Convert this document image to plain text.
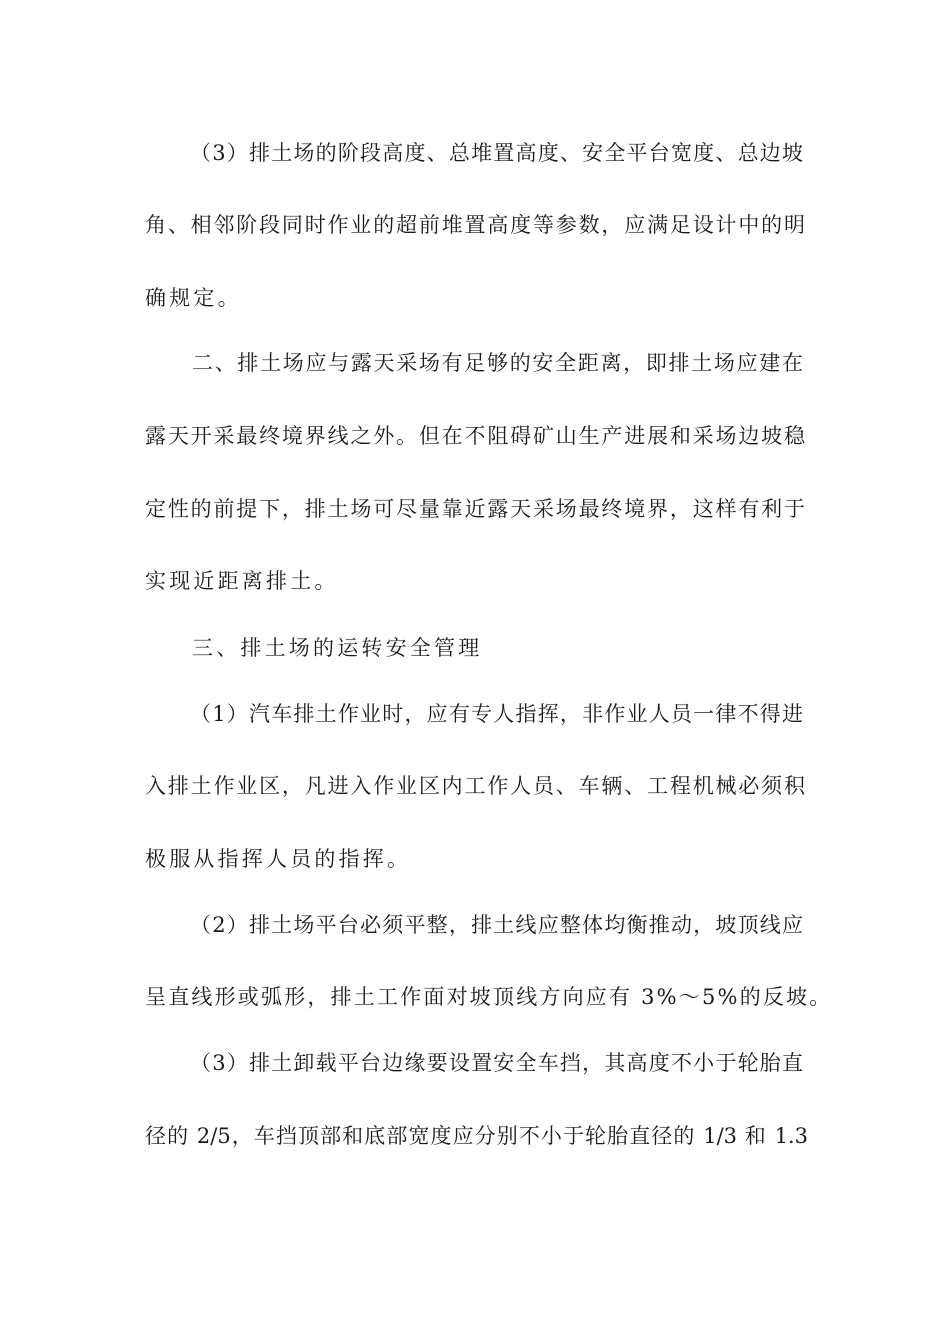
（3）排土场的阶段高度、总堆置高度、安全平台宽度、总边坡
角、相邻阶段同时作业的超前堆置高度等参数，应满足设计中的明
确规定。
二、排土场应与露天采场有足够的安全距离，即排土场应建在
露天开采最终境界线之外。但在不阻碍矿山生产进展和采场边坡稳
定性的前提下，排土场可尽量靠近露天采场最终境界，这样有利于
实现近距离排土。
三、排土场的运转安全管理
（1）汽车排土作业时，应有专人指挥，非作业人员一律不得进
入排土作业区，凡进入作业区内工作人员、车辆、工程机械必须积
极服从指挥人员的指挥。
（2）排土场平台必须平整，排土线应整体均衡推动，坡顶线应
呈直线形或弧形，排土工作面对坡顶线方向应有 3%～5%的反坡。
（3）排土卸载平台边缘要设置安全车挡，其高度不小于轮胎直
径的 2/5，车挡顶部和底部宽度应分别不小于轮胎直径的 1/3 和 1.3
